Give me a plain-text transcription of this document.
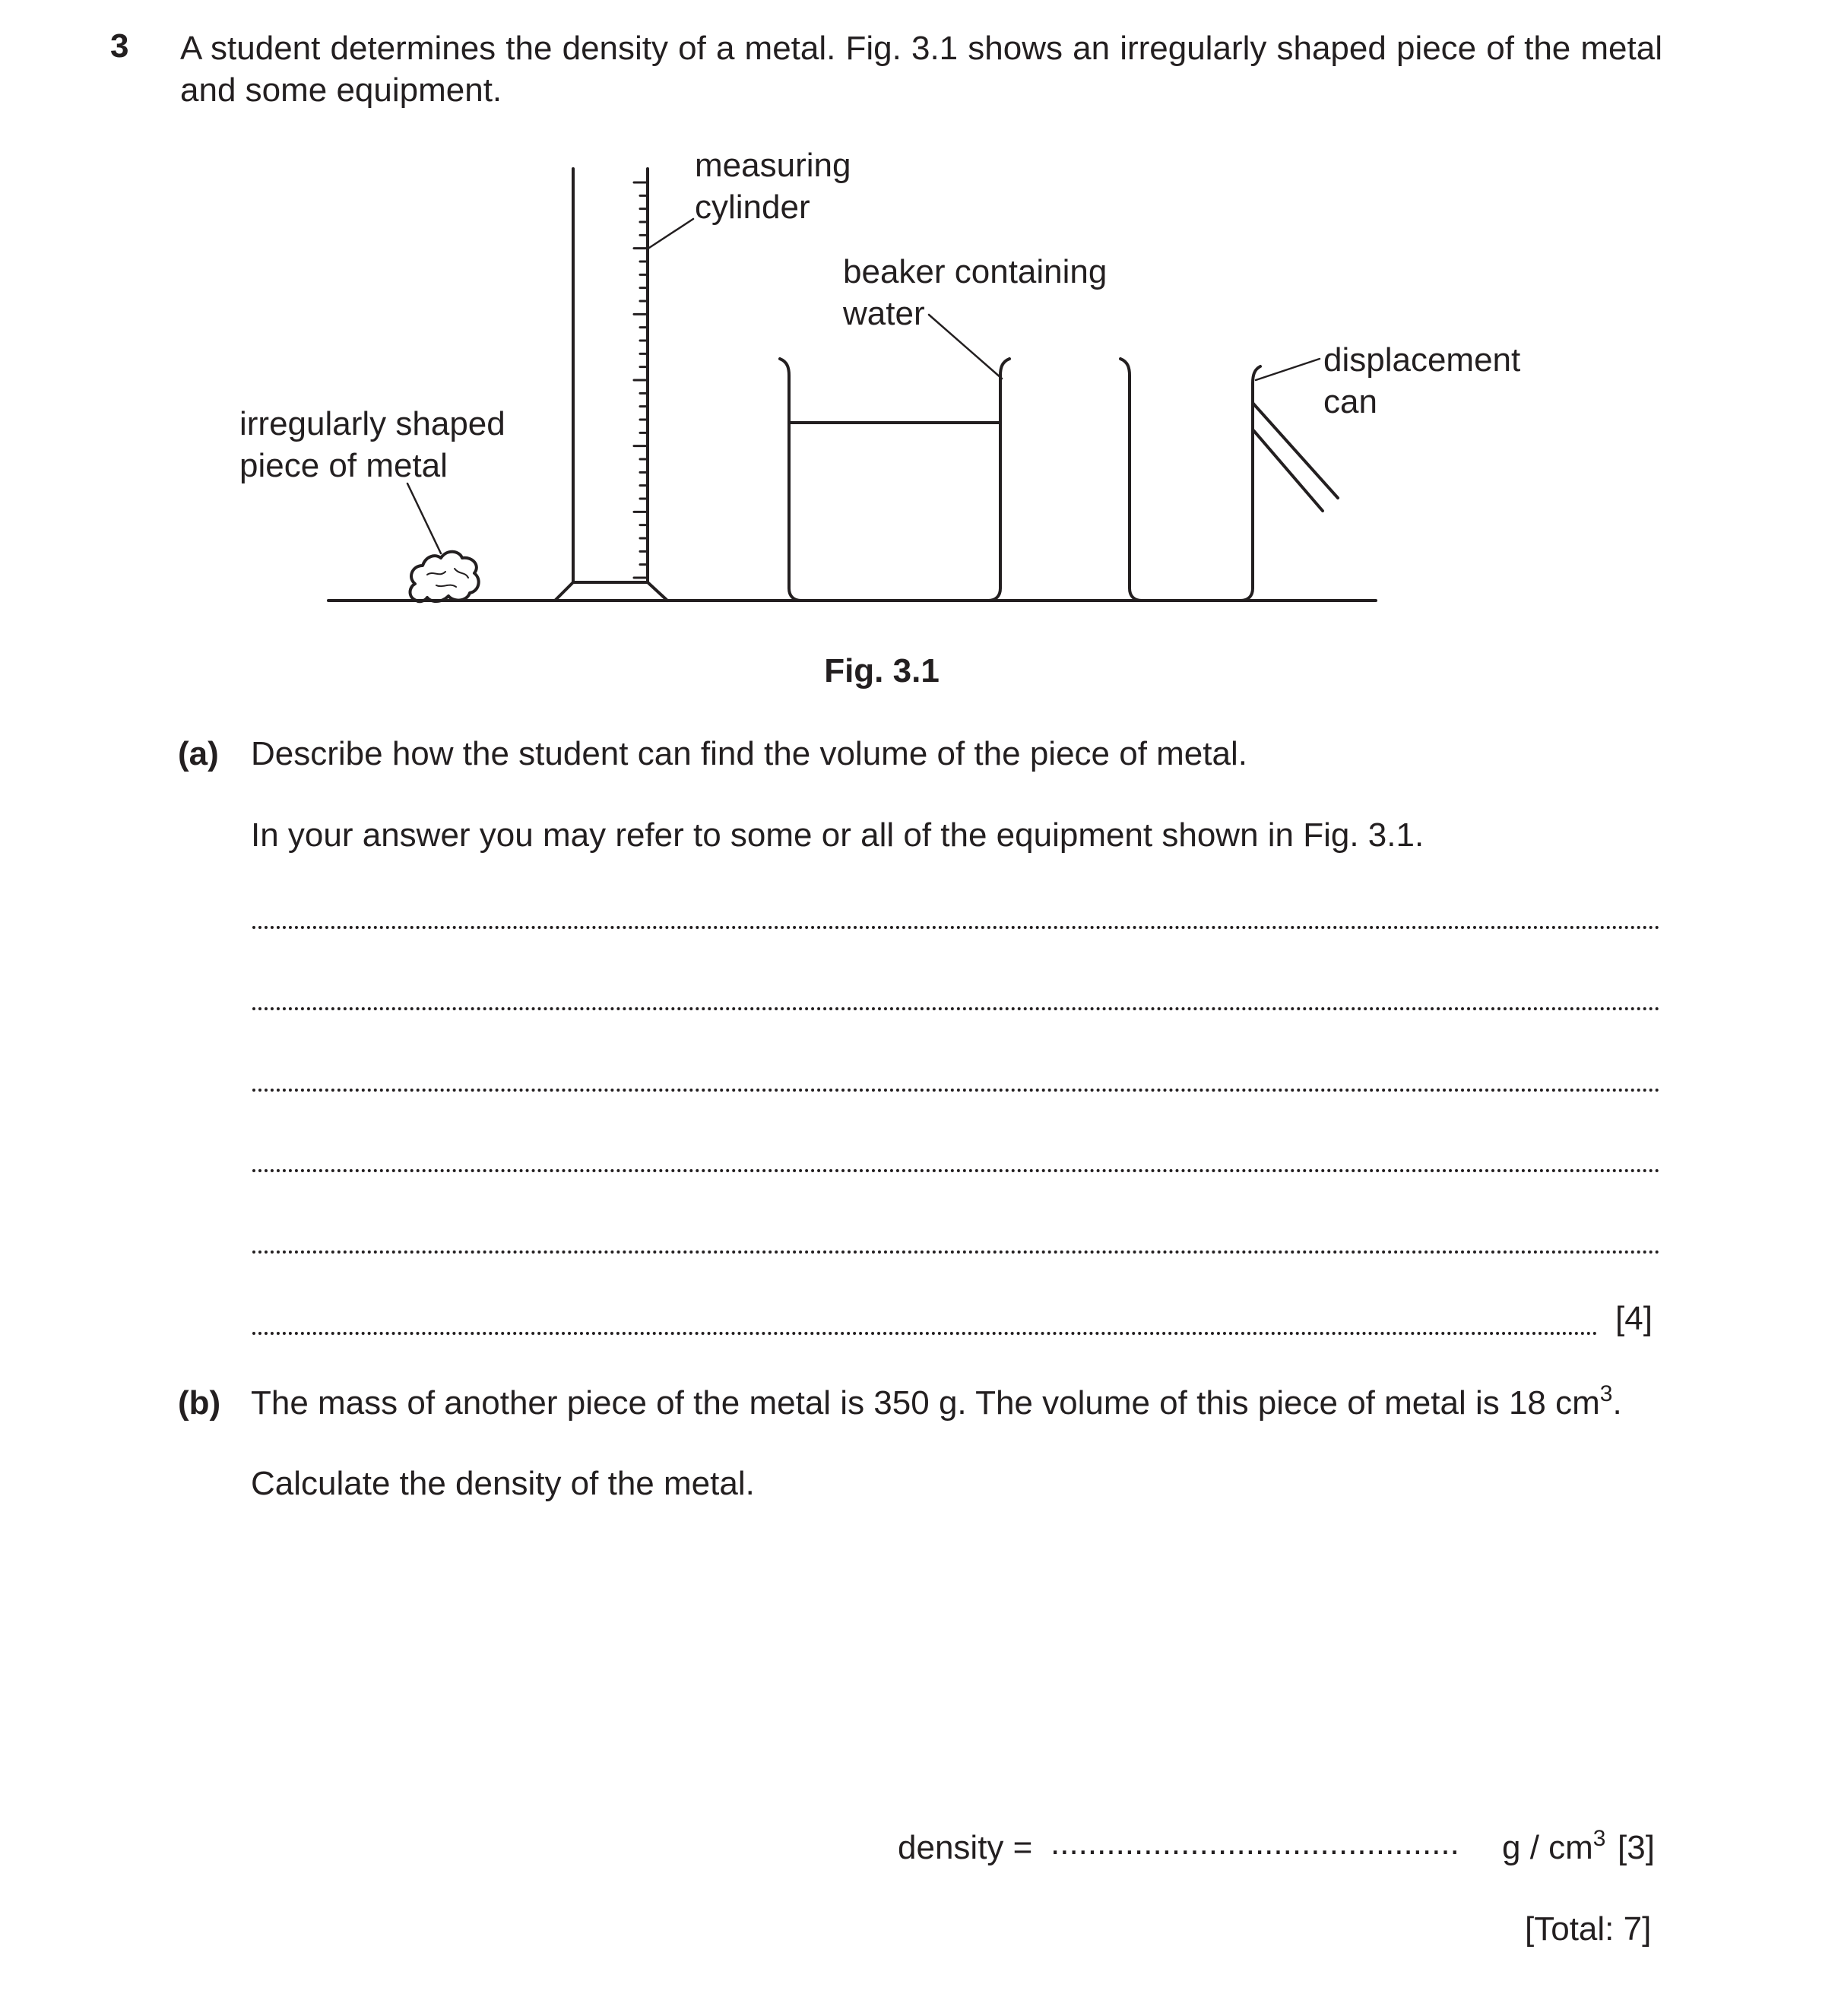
3 A student determines the density of a metal. Fig. 3.1 shows an irregularly shaped piece of the metal and some equipment.
measuring
cylinder
beaker containing
water
displacement
can
irregularly shaped
piece of metal
Fig. 3.1
(a) Describe how the student can find the volume of the piece of metal.
In your answer you may refer to some or all of the equipment shown in Fig. 3.1.
[4]
(b) The mass of another piece of the metal is 350 g. The volume of this piece of metal is 18 $cm^3$.
Calculate the density of the metal.
density = ............................................ g / $cm^3$ [3]
[Total: 7]
